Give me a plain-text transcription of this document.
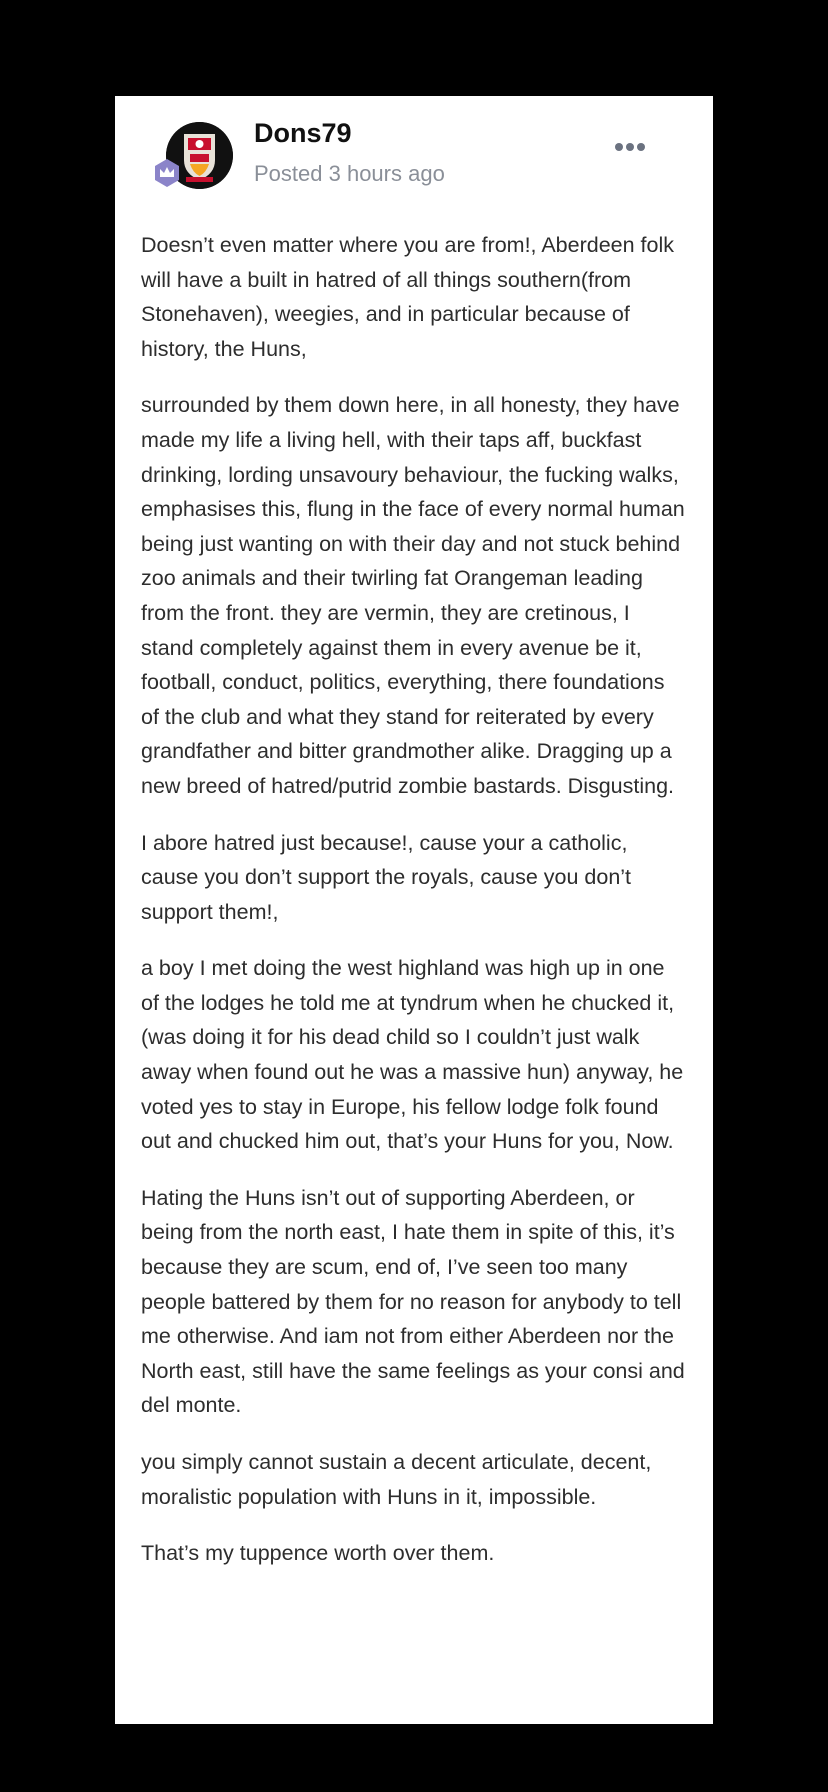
Dons79
Posted 3 hours ago

Doesn’t even matter where you are from!, Aberdeen folk will have a built in hatred of all things southern(from Stonehaven), weegies, and in particular because of history, the Huns,

surrounded by them down here, in all honesty, they have made my life a living hell, with their taps aff, buckfast drinking, lording unsavoury behaviour, the fucking walks, emphasises this, flung in the face of every normal human being just wanting on with their day and not stuck behind zoo animals and their twirling fat Orangeman leading from the front. they are vermin, they are cretinous, I stand completely against them in every avenue be it, football, conduct, politics, everything, there foundations of the club and what they stand for reiterated by every grandfather and bitter grandmother alike. Dragging up a new breed of hatred/putrid zombie bastards. Disgusting.

I abore hatred just because!, cause your a catholic, cause you don’t support the royals, cause you don’t support them!,

a boy I met doing the west highland was high up in one of the lodges he told me at tyndrum when he chucked it, (was doing it for his dead child so I couldn’t just walk away when found out he was a massive hun) anyway, he voted yes to stay in Europe, his fellow lodge folk found out and chucked him out, that’s your Huns for you, Now.

Hating the Huns isn’t out of supporting Aberdeen, or being from the north east, I hate them in spite of this, it’s because they are scum, end of, I’ve seen too many people battered by them for no reason for anybody to tell me otherwise. And iam not from either Aberdeen nor the North east, still have the same feelings as your consi and del monte.

you simply cannot sustain a decent articulate, decent, moralistic population with Huns in it, impossible.

That’s my tuppence worth over them.
